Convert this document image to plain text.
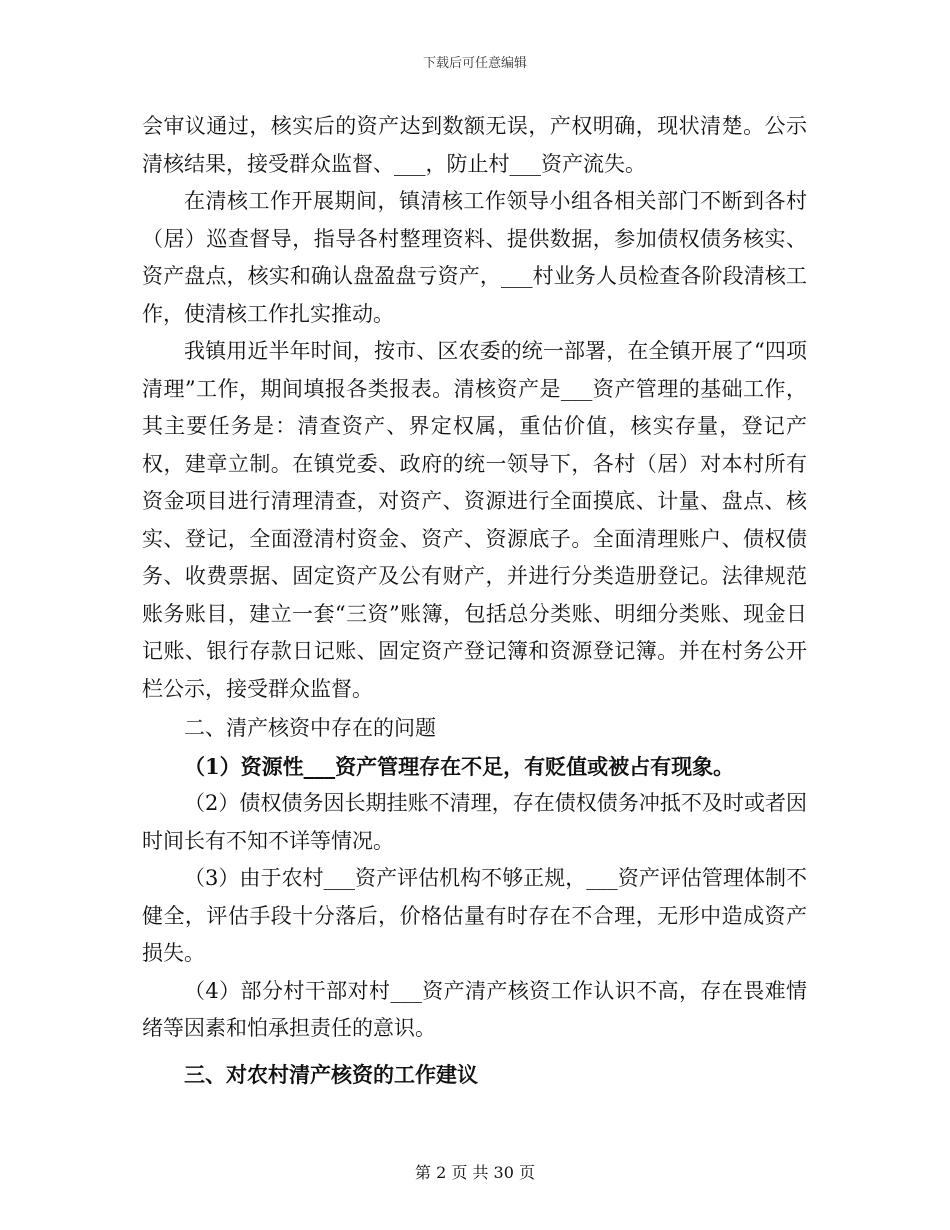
下载后可任意编辑

会审议通过，核实后的资产达到数额无误，产权明确，现状清楚。公示清核结果，接受群众监督、___，防止村___资产流失。

在清核工作开展期间，镇清核工作领导小组各相关部门不断到各村（居）巡查督导，指导各村整理资料、提供数据，参加债权债务核实、资产盘点，核实和确认盘盈盘亏资产，___村业务人员检查各阶段清核工作，使清核工作扎实推动。

我镇用近半年时间，按市、区农委的统一部署，在全镇开展了“四项清理”工作，期间填报各类报表。清核资产是___资产管理的基础工作，其主要任务是：清查资产、界定权属，重估价值，核实存量，登记产权，建章立制。在镇党委、政府的统一领导下，各村（居）对本村所有资金项目进行清理清查，对资产、资源进行全面摸底、计量、盘点、核实、登记，全面澄清村资金、资产、资源底子。全面清理账户、债权债务、收费票据、固定资产及公有财产，并进行分类造册登记。法律规范账务账目，建立一套“三资”账簿，包括总分类账、明细分类账、现金日记账、银行存款日记账、固定资产登记簿和资源登记簿。并在村务公开栏公示，接受群众监督。

二、清产核资中存在的问题

（1）资源性___资产管理存在不足，有贬值或被占有现象。

（2）债权债务因长期挂账不清理，存在债权债务冲抵不及时或者因时间长有不知不详等情况。

（3）由于农村___资产评估机构不够正规，___资产评估管理体制不健全，评估手段十分落后，价格估量有时存在不合理，无形中造成资产损失。

（4）部分村干部对村___资产清产核资工作认识不高，存在畏难情绪等因素和怕承担责任的意识。

三、对农村清产核资的工作建议

第 2 页 共 30 页
